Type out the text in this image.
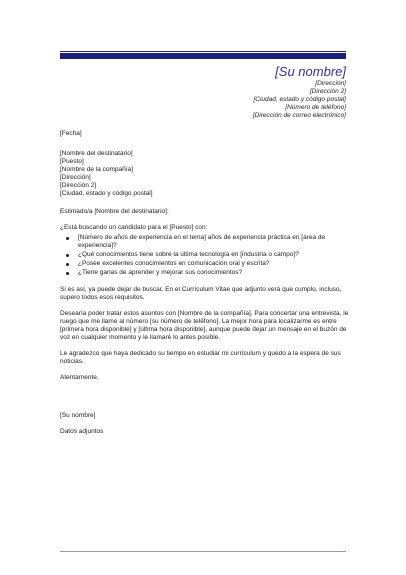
[Su nombre]
[Dirección]
[Dirección 2]
[Ciudad, estado y código postal]
[Número de teléfono]
[Dirección de correo electrónico]

[Fecha]

[Nombre del destinatario]

[Puesto]

[Nombre de la compañía]

[Dirección]

[Dirección 2]

[Ciudad, estado y código postal]

Estimado/a [Nombre del destinatario]:

¿Está buscando un candidato para el [Puesto] con:

[Número de años de experiencia en el tema] años de experiencia práctica en [área de experiencia]?
¿Qué conocimientos tiene sobre la última tecnología en [industria o campo]?
¿Posee excelentes conocimientos en comunicación oral y escrita?
¿Tiene ganas de aprender y mejorar sus conocimientos?

Si es así, ya puede dejar de buscar. En el Currículum Vitae que adjunto verá que cumplo, incluso, supero todos esos requisitos.

Desearía poder tratar estos asuntos con [Nombre de la compañía]. Para concertar una entrevista, le ruego que me llame al número [su número de teléfono]. La mejor hora para localizarme es entre [primera hora disponible] y [última hora disponible], aunque puede dejar un mensaje en el buzón de voz en cualquier momento y le llamaré lo antes posible.

Le agradezco que haya dedicado su tiempo en estudiar mi currículum y quedo a la espera de sus noticias.

Atentamente,

[Su nombre]

Datos adjuntos
